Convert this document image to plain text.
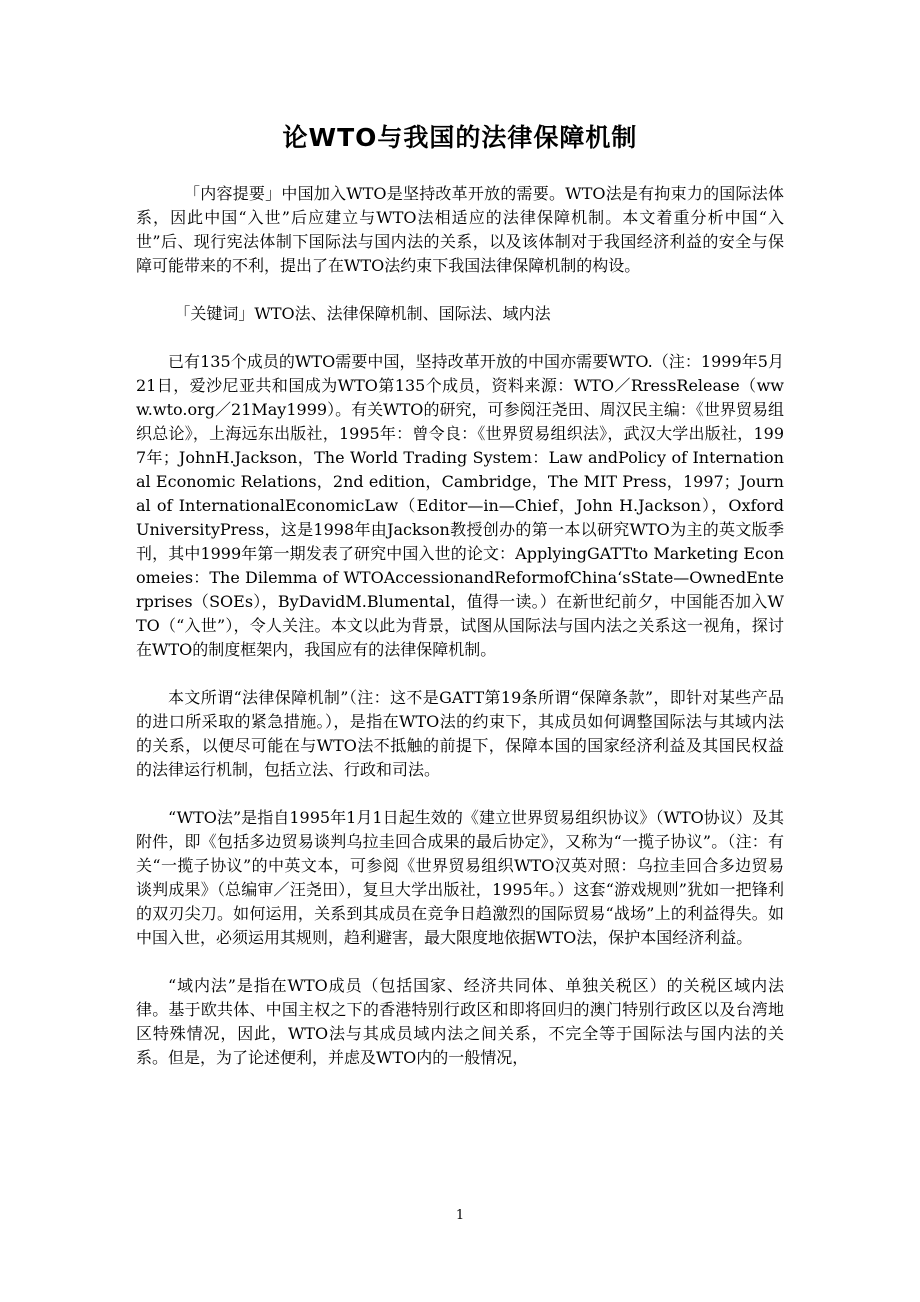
论WTO与我国的法律保障机制

「内容提要」中国加入WTO是坚持改革开放的需要。WTO法是有拘束力的国际法体系，因此中国“入世”后应建立与WTO法相适应的法律保障机制。本文着重分析中国“入世”后、现行宪法体制下国际法与国内法的关系，以及该体制对于我国经济利益的安全与保障可能带来的不利，提出了在WTO法约束下我国法律保障机制的构设。

「关键词」WTO法、法律保障机制、国际法、域内法

已有135个成员的WTO需要中国，坚持改革开放的中国亦需要WTO.（注：1999年5月21日，爱沙尼亚共和国成为WTO第135个成员，资料来源：WTO／RressRelease（www.wto.org／21May1999）。有关WTO的研究，可参阅汪尧田、周汉民主编：《世界贸易组织总论》，上海远东出版社，1995年：曾令良：《世界贸易组织法》，武汉大学出版社，1997年；JohnH.Jackson，The World Trading System：Law andPolicy of International Economic Relations，2nd edition，Cambridge，The MIT Press，1997；Journal of InternationalEconomicLaw（Editor—in—Chief，John H.Jackson），OxfordUniversityPress，这是1998年由Jackson教授创办的第一本以研究WTO为主的英文版季刊，其中1999年第一期发表了研究中国入世的论文：ApplyingGATTto Marketing Economeies：The Dilemma of WTOAccessionandReformofChina‘sState—OwnedEnterprises（SOEs），ByDavidM.Blumental，值得一读。）在新世纪前夕，中国能否加入WTO（“入世”），令人关注。本文以此为背景，试图从国际法与国内法之关系这一视角，探讨在WTO的制度框架内，我国应有的法律保障机制。

本文所谓“法律保障机制”（注：这不是GATT第19条所谓“保障条款”，即针对某些产品的进口所采取的紧急措施。），是指在WTO法的约束下，其成员如何调整国际法与其域内法的关系，以便尽可能在与WTO法不抵触的前提下，保障本国的国家经济利益及其国民权益的法律运行机制，包括立法、行政和司法。

“WTO法”是指自1995年1月1日起生效的《建立世界贸易组织协议》（WTO协议）及其附件，即《包括多边贸易谈判乌拉圭回合成果的最后协定》，又称为“一揽子协议”。（注：有关“一揽子协议”的中英文本，可参阅《世界贸易组织WTO汉英对照：乌拉圭回合多边贸易谈判成果》（总编审／汪尧田），复旦大学出版社，1995年。）这套“游戏规则”犹如一把锋利的双刃尖刀。如何运用，关系到其成员在竞争日趋激烈的国际贸易“战场”上的利益得失。如中国入世，必须运用其规则，趋利避害，最大限度地依据WTO法，保护本国经济利益。

“域内法”是指在WTO成员（包括国家、经济共同体、单独关税区）的关税区域内法律。基于欧共体、中国主权之下的香港特别行政区和即将回归的澳门特别行政区以及台湾地区特殊情况，因此，WTO法与其成员域内法之间关系，不完全等于国际法与国内法的关系。但是，为了论述便利，并虑及WTO内的一般情况，

1
